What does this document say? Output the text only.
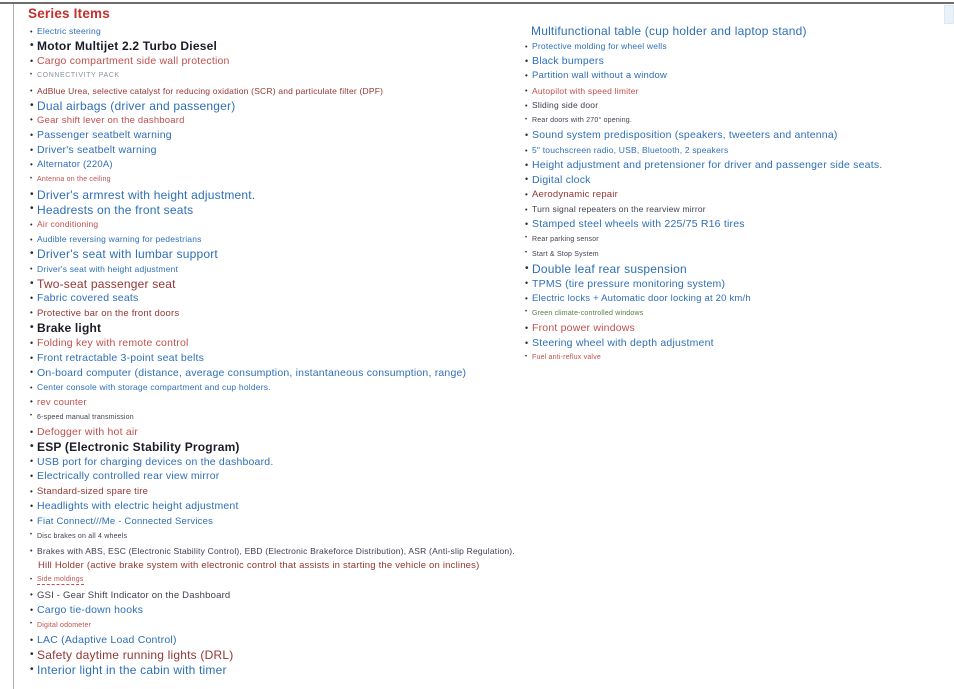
Series Items
• Electric steering
• Motor Multijet 2.2 Turbo Diesel
• Cargo compartment side wall protection
• CONNECTIVITY PACK
• AdBlue Urea, selective catalyst for reducing oxidation (SCR) and particulate filter (DPF)
• Dual airbags (driver and passenger)
• Gear shift lever on the dashboard
• Passenger seatbelt warning
• Driver's seatbelt warning
• Alternator (220A)
• Antenna on the ceiling
• Driver's armrest with height adjustment.
• Headrests on the front seats
• Air conditioning
• Audible reversing warning for pedestrians
• Driver's seat with lumbar support
• Driver's seat with height adjustment
• Two-seat passenger seat
• Fabric covered seats
• Protective bar on the front doors
• Brake light
• Folding key with remote control
• Front retractable 3-point seat belts
• On-board computer (distance, average consumption, instantaneous consumption, range)
• Center console with storage compartment and cup holders.
• rev counter
• 6-speed manual transmission
• Defogger with hot air
• ESP (Electronic Stability Program)
• USB port for charging devices on the dashboard.
• Electrically controlled rear view mirror
• Standard-sized spare tire
• Headlights with electric height adjustment
• Fiat Connect///Me - Connected Services
• Disc brakes on all 4 wheels
• Brakes with ABS, ESC (Electronic Stability Control), EBD (Electronic Brakeforce Distribution), ASR (Anti-slip Regulation).
Hill Holder (active brake system with electronic control that assists in starting the vehicle on inclines)
• Side moldings
• GSI - Gear Shift Indicator on the Dashboard
• Cargo tie-down hooks
• Digital odometer
• LAC (Adaptive Load Control)
• Safety daytime running lights (DRL)
• Interior light in the cabin with timer
Multifunctional table (cup holder and laptop stand)
• Protective molding for wheel wells
• Black bumpers
• Partition wall without a window
• Autopilot with speed limiter
• Sliding side door
• Rear doors with 270° opening.
• Sound system predisposition (speakers, tweeters and antenna)
• 5" touchscreen radio, USB, Bluetooth, 2 speakers
• Height adjustment and pretensioner for driver and passenger side seats.
• Digital clock
• Aerodynamic repair
• Turn signal repeaters on the rearview mirror
• Stamped steel wheels with 225/75 R16 tires
• Rear parking sensor
• Start & Stop System
• Double leaf rear suspension
• TPMS (tire pressure monitoring system)
• Electric locks + Automatic door locking at 20 km/h
• Green climate-controlled windows
• Front power windows
• Steering wheel with depth adjustment
• Fuel anti-reflux valve
